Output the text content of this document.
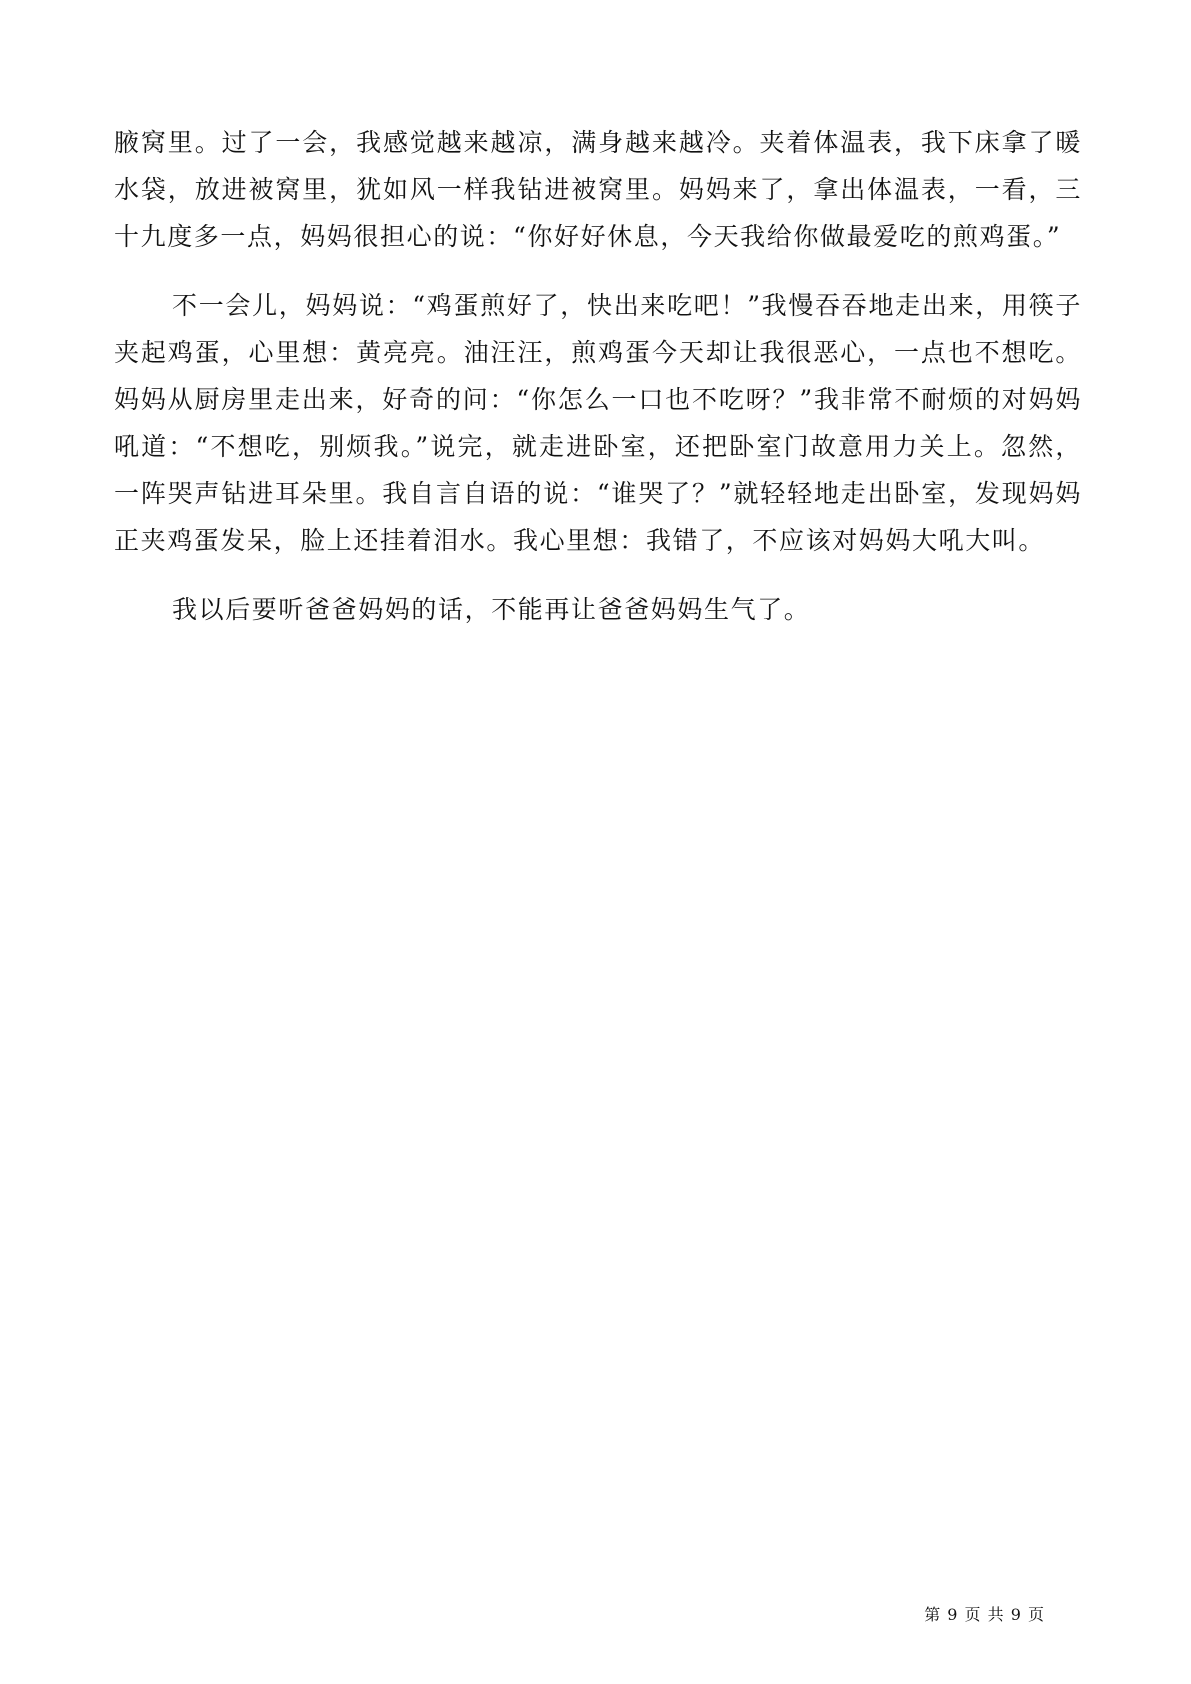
腋窝里。过了一会，我感觉越来越凉，满身越来越冷。夹着体温表，我下床拿了暖水袋，放进被窝里，犹如风一样我钻进被窝里。妈妈来了，拿出体温表，一看，三十九度多一点，妈妈很担心的说：“你好好休息，今天我给你做最爱吃的煎鸡蛋。”

不一会儿，妈妈说：“鸡蛋煎好了，快出来吃吧！”我慢吞吞地走出来，用筷子夹起鸡蛋，心里想：黄亮亮。油汪汪，煎鸡蛋今天却让我很恶心，一点也不想吃。妈妈从厨房里走出来，好奇的问：“你怎么一口也不吃呀？”我非常不耐烦的对妈妈吼道：“不想吃，别烦我。”说完，就走进卧室，还把卧室门故意用力关上。忽然，一阵哭声钻进耳朵里。我自言自语的说：“谁哭了？”就轻轻地走出卧室，发现妈妈正夹鸡蛋发呆，脸上还挂着泪水。我心里想：我错了，不应该对妈妈大吼大叫。

我以后要听爸爸妈妈的话，不能再让爸爸妈妈生气了。

第 9 页 共 9 页
